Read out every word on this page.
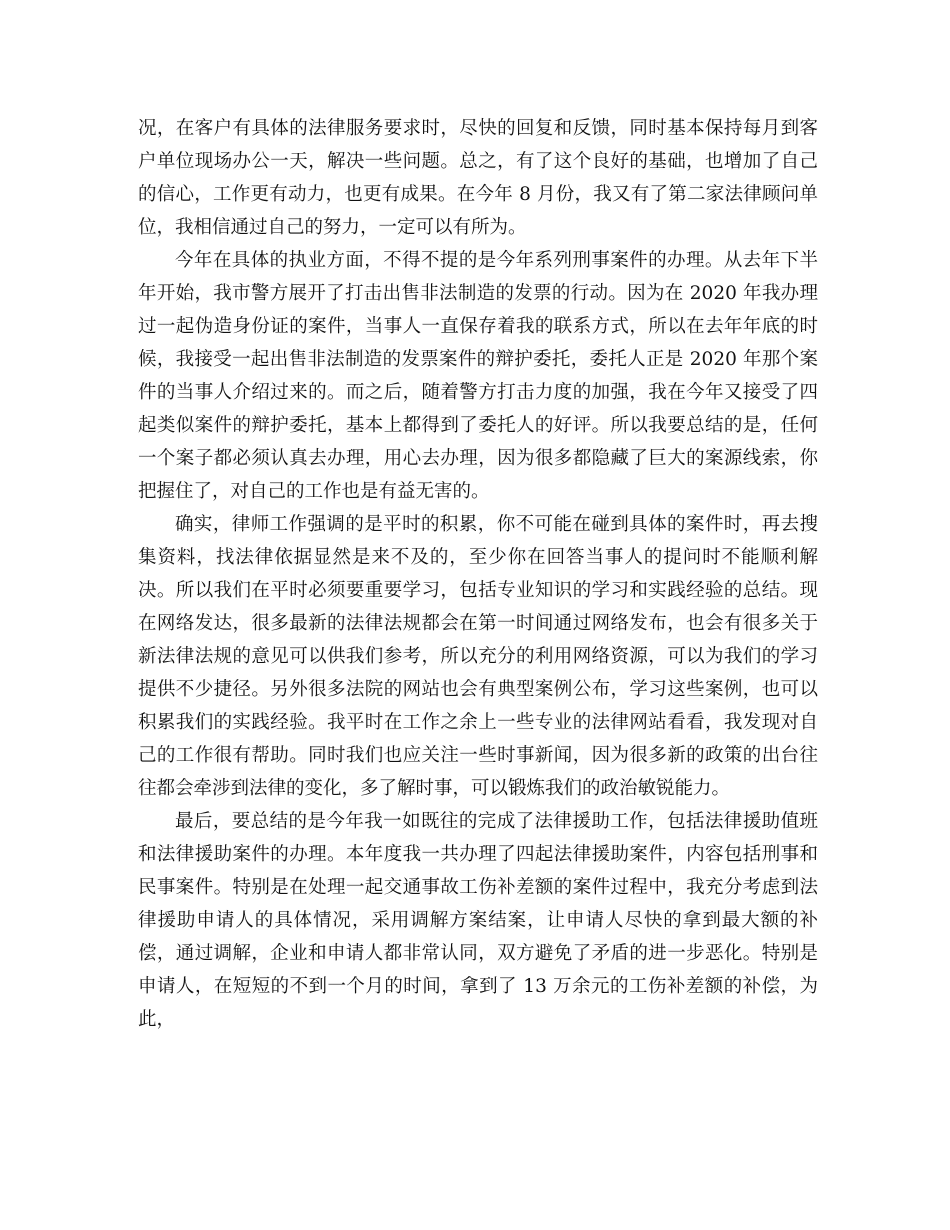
况，在客户有具体的法律服务要求时，尽快的回复和反馈，同时基本保持每月到客户单位现场办公一天，解决一些问题。总之，有了这个良好的基础，也增加了自己的信心，工作更有动力，也更有成果。在今年 8 月份，我又有了第二家法律顾问单位，我相信通过自己的努力，一定可以有所为。

今年在具体的执业方面，不得不提的是今年系列刑事案件的办理。从去年下半年开始，我市警方展开了打击出售非法制造的发票的行动。因为在 2020 年我办理过一起伪造身份证的案件，当事人一直保存着我的联系方式，所以在去年年底的时候，我接受一起出售非法制造的发票案件的辩护委托，委托人正是 2020 年那个案件的当事人介绍过来的。而之后，随着警方打击力度的加强，我在今年又接受了四起类似案件的辩护委托，基本上都得到了委托人的好评。所以我要总结的是，任何一个案子都必须认真去办理，用心去办理，因为很多都隐藏了巨大的案源线索，你把握住了，对自己的工作也是有益无害的。

确实，律师工作强调的是平时的积累，你不可能在碰到具体的案件时，再去搜集资料，找法律依据显然是来不及的，至少你在回答当事人的提问时不能顺利解决。所以我们在平时必须要重要学习，包括专业知识的学习和实践经验的总结。现在网络发达，很多最新的法律法规都会在第一时间通过网络发布，也会有很多关于新法律法规的意见可以供我们参考，所以充分的利用网络资源，可以为我们的学习提供不少捷径。另外很多法院的网站也会有典型案例公布，学习这些案例，也可以积累我们的实践经验。我平时在工作之余上一些专业的法律网站看看，我发现对自己的工作很有帮助。同时我们也应关注一些时事新闻，因为很多新的政策的出台往往都会牵涉到法律的变化，多了解时事，可以锻炼我们的政治敏锐能力。

最后，要总结的是今年我一如既往的完成了法律援助工作，包括法律援助值班和法律援助案件的办理。本年度我一共办理了四起法律援助案件，内容包括刑事和民事案件。特别是在处理一起交通事故工伤补差额的案件过程中，我充分考虑到法律援助申请人的具体情况，采用调解方案结案，让申请人尽快的拿到最大额的补偿，通过调解，企业和申请人都非常认同，双方避免了矛盾的进一步恶化。特别是申请人，在短短的不到一个月的时间，拿到了 13 万余元的工伤补差额的补偿，为此，
